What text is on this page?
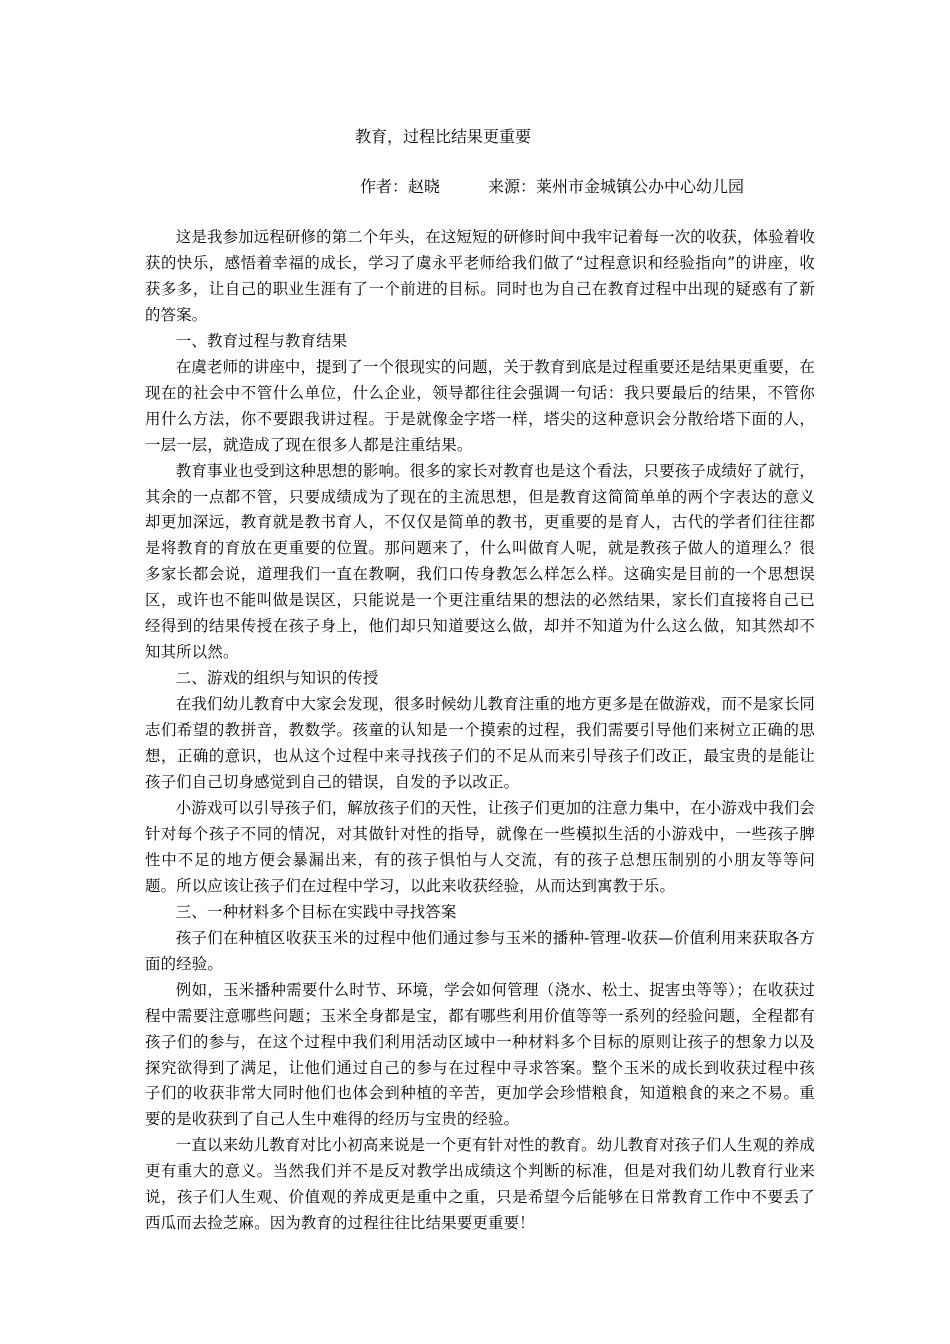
教育，过程比结果更重要
作者：赵晓	来源：莱州市金城镇公办中心幼儿园

这是我参加远程研修的第二个年头，在这短短的研修时间中我牢记着每一次的收获，体验着收获的快乐，感悟着幸福的成长，学习了虞永平老师给我们做了“过程意识和经验指向”的讲座，收获多多，让自己的职业生涯有了一个前进的目标。同时也为自己在教育过程中出现的疑惑有了新的答案。

一、教育过程与教育结果

在虞老师的讲座中，提到了一个很现实的问题，关于教育到底是过程重要还是结果更重要，在现在的社会中不管什么单位，什么企业，领导都往往会强调一句话：我只要最后的结果，不管你用什么方法，你不要跟我讲过程。于是就像金字塔一样，塔尖的这种意识会分散给塔下面的人，一层一层，就造成了现在很多人都是注重结果。

教育事业也受到这种思想的影响。很多的家长对教育也是这个看法，只要孩子成绩好了就行，其余的一点都不管，只要成绩成为了现在的主流思想，但是教育这简简单单的两个字表达的意义却更加深远，教育就是教书育人，不仅仅是简单的教书，更重要的是育人，古代的学者们往往都是将教育的育放在更重要的位置。那问题来了，什么叫做育人呢，就是教孩子做人的道理么？很多家长都会说，道理我们一直在教啊，我们口传身教怎么样怎么样。这确实是目前的一个思想误区，或许也不能叫做是误区，只能说是一个更注重结果的想法的必然结果，家长们直接将自己已经得到的结果传授在孩子身上，他们却只知道要这么做，却并不知道为什么这么做，知其然却不知其所以然。

二、游戏的组织与知识的传授

在我们幼儿教育中大家会发现，很多时候幼儿教育注重的地方更多是在做游戏，而不是家长同志们希望的教拼音，教数学。孩童的认知是一个摸索的过程，我们需要引导他们来树立正确的思想，正确的意识，也从这个过程中来寻找孩子们的不足从而来引导孩子们改正，最宝贵的是能让孩子们自己切身感觉到自己的错误，自发的予以改正。

小游戏可以引导孩子们，解放孩子们的天性，让孩子们更加的注意力集中，在小游戏中我们会针对每个孩子不同的情况，对其做针对性的指导，就像在一些模拟生活的小游戏中，一些孩子脾性中不足的地方便会暴漏出来，有的孩子惧怕与人交流，有的孩子总想压制别的小朋友等等问题。所以应该让孩子们在过程中学习，以此来收获经验，从而达到寓教于乐。

三、一种材料多个目标在实践中寻找答案

孩子们在种植区收获玉米的过程中他们通过参与玉米的播种-管理-收获—价值利用来获取各方面的经验。

例如，玉米播种需要什么时节、环境，学会如何管理（浇水、松土、捉害虫等等）；在收获过程中需要注意哪些问题；玉米全身都是宝，都有哪些利用价值等等一系列的经验问题，全程都有孩子们的参与，在这个过程中我们利用活动区域中一种材料多个目标的原则让孩子的想象力以及探究欲得到了满足，让他们通过自己的参与在过程中寻求答案。整个玉米的成长到收获过程中孩子们的收获非常大同时他们也体会到种植的辛苦，更加学会珍惜粮食，知道粮食的来之不易。重要的是收获到了自己人生中难得的经历与宝贵的经验。

一直以来幼儿教育对比小初高来说是一个更有针对性的教育。幼儿教育对孩子们人生观的养成更有重大的意义。当然我们并不是反对教学出成绩这个判断的标准，但是对我们幼儿教育行业来说，孩子们人生观、价值观的养成更是重中之重，只是希望今后能够在日常教育工作中不要丢了西瓜而去捡芝麻。因为教育的过程往往比结果要更重要！
